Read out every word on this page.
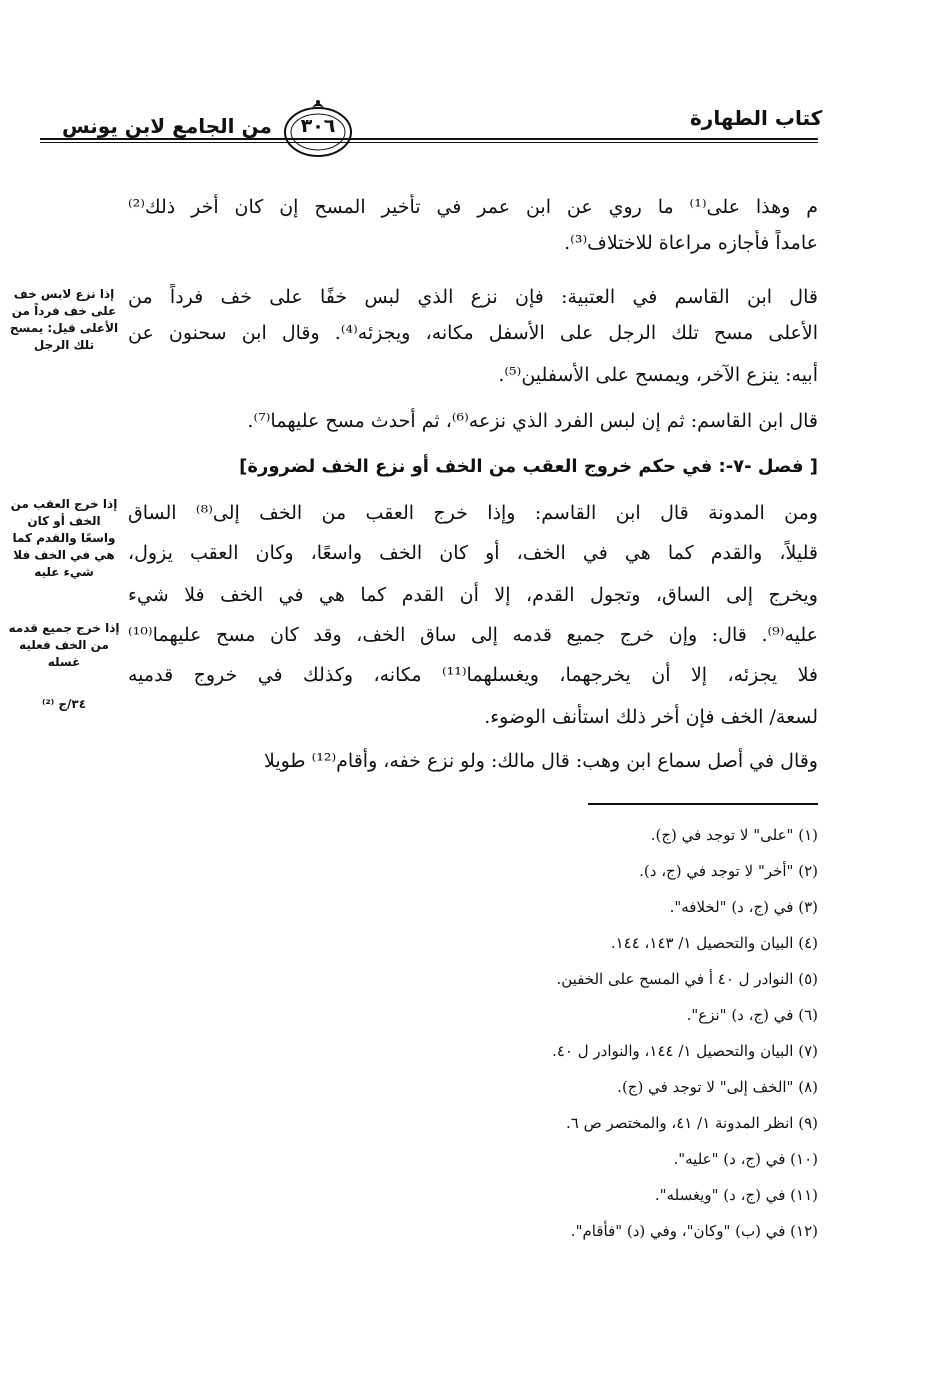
كتاب الطهارة
من الجامع لابن يونس	٣٠٦
م وهذا على⁽¹⁾ ما روي عن ابن عمر في تأخير المسح إن كان أخر ذلك⁽²⁾
عامداً فأجازه مراعاة للاختلاف⁽³⁾.
قال ابن القاسم في العتبية: فإن نزع الذي لبس خفًا على خف فرداً من
الأعلى مسح تلك الرجل على الأسفل مكانه، ويجزئه⁽⁴⁾. وقال ابن سحنون عن
أبيه: ينزع الآخر، ويمسح على الأسفلين⁽⁵⁾.
قال ابن القاسم: ثم إن لبس الفرد الذي نزعه⁽⁶⁾، ثم أحدث مسح عليهما⁽⁷⁾.
[ فصل -٧-: في حكم خروج العقب من الخف أو نزع الخف لضرورة]
ومن المدونة قال ابن القاسم: وإذا خرج العقب من الخف إلى⁽⁸⁾ الساق
قليلاً، والقدم كما هي في الخف، أو كان الخف واسعًا، وكان العقب يزول،
ويخرج إلى الساق، وتجول القدم، إلا أن القدم كما هي في الخف فلا شيء
عليه⁽⁹⁾. قال: وإن خرج جميع قدمه إلى ساق الخف، وقد كان مسح عليهما⁽¹⁰⁾
فلا يجزئه، إلا أن يخرجهما، ويغسلهما⁽¹¹⁾ مكانه، وكذلك في خروج قدميه
لسعة/ الخف فإن أخر ذلك استأنف الوضوء.
وقال في أصل سماع ابن وهب: قال مالك: ولو نزع خفه، وأقام⁽¹²⁾ طويلا
إذا نزع لابس خف على خف فرداً من الأعلى قيل: يمسح تلك الرجل
إذا خرج العقب من الخف أو كان واسعًا والقدم كما هي في الخف فلا شيء عليه
إذا خرج جميع قدمه من الخف فعليه غسله
٣٤/ج ⁽²⁾
(١) "على" لا توجد في (ج).
(٢) "أخر" لا توجد في (ج، د).
(٣) في (ج، د) "لخلافه".
(٤) البيان والتحصيل ١/ ١٤٣، ١٤٤.
(٥) النوادر ل ٤٠ أ في المسح على الخفين.
(٦) في (ج، د) "نزع".
(٧) البيان والتحصيل ١/ ١٤٤، والنوادر ل ٤٠.
(٨) "الخف إلى" لا توجد في (ج).
(٩) انظر المدونة ١/ ٤١، والمختصر ص ٦.
(١٠) في (ج، د) "عليه".
(١١) في (ج، د) "ويغسله".
(١٢) في (ب) "وكان"، وفي (د) "فأقام".
